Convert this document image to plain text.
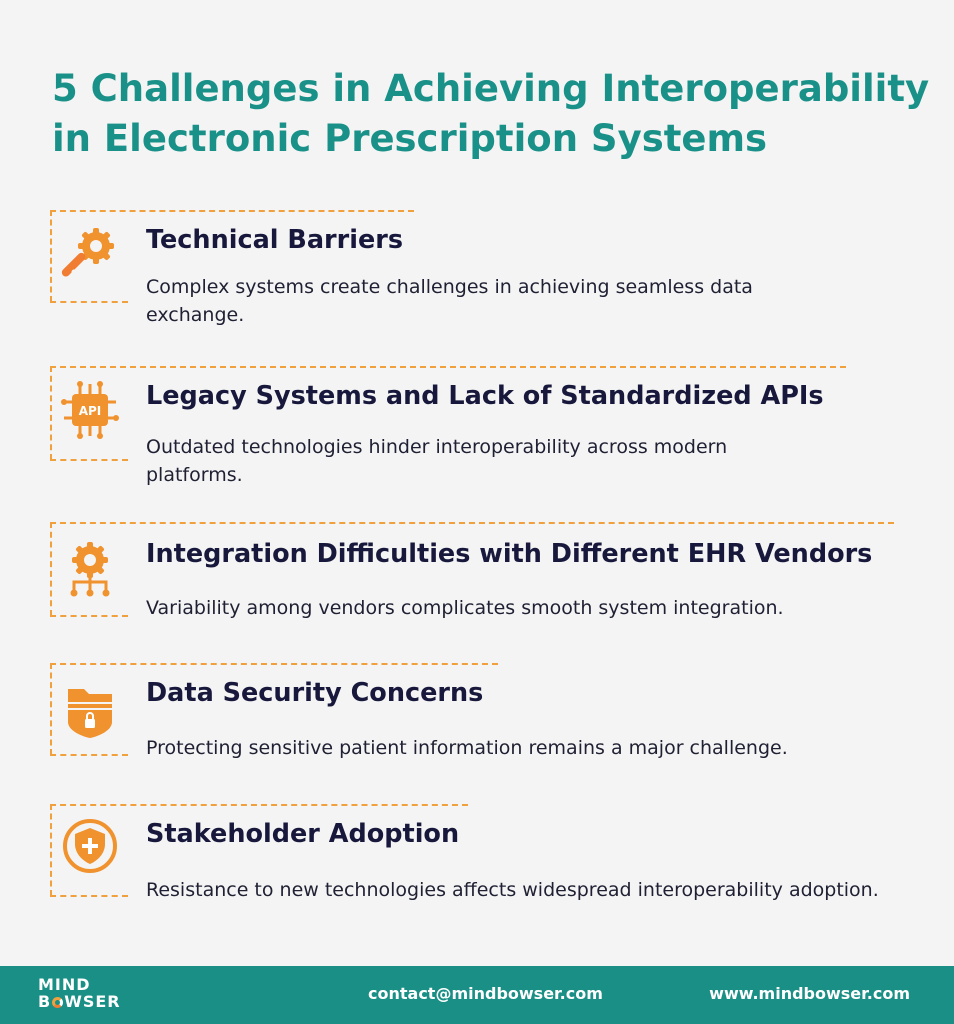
5 Challenges in Achieving Interoperability in Electronic Prescription Systems
Technical Barriers

Complex systems create challenges in achieving seamless data exchange.

API Legacy Systems and Lack of Standardized APIs

Outdated technologies hinder interoperability across modern platforms.

Integration Difficulties with Different EHR Vendors

Variability among vendors complicates smooth system integration.

Data Security Concerns

Protecting sensitive patient information remains a major challenge.

Stakeholder Adoption

Resistance to new technologies affects widespread interoperability adoption.

MIND
B WSER	contact@mindbowser.com	www.mindbowser.com
